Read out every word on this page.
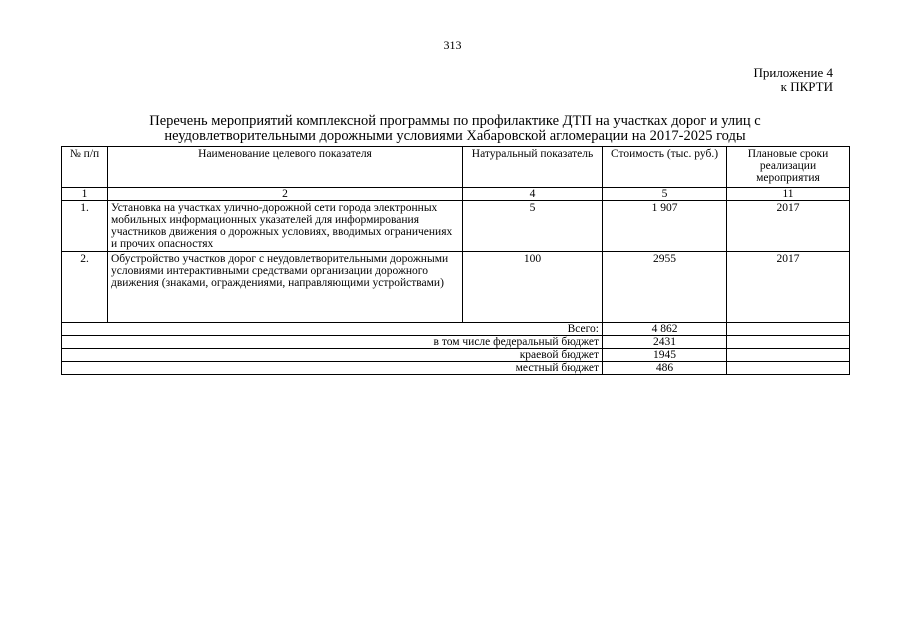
313
Приложение 4
к ПКРТИ
Перечень мероприятий комплексной программы по профилактике ДТП на участках дорог и улиц с
неудовлетворительными дорожными условиями Хабаровской агломерации на 2017-2025 годы
№ п/п	Наименование целевого показателя	Натуральный показатель	Стоимость (тыс. руб.)	Плановые сроки реализации мероприятия
1	2	4	5	11
1.	Установка на участках улично-дорожной сети города электронных мобильных информационных указателей для информирования участников движения о дорожных условиях, вводимых ограничениях и прочих опасностях	5	1 907	2017
2.	Обустройство участков дорог с неудовлетворительными дорожными условиями интерактивными средствами организации дорожного движения (знаками, ограждениями, направляющими устройствами)	100	2955	2017
Всего:			4 862	
в том числе федеральный бюджет			2431	
краевой бюджет			1945	
местный бюджет			486	
